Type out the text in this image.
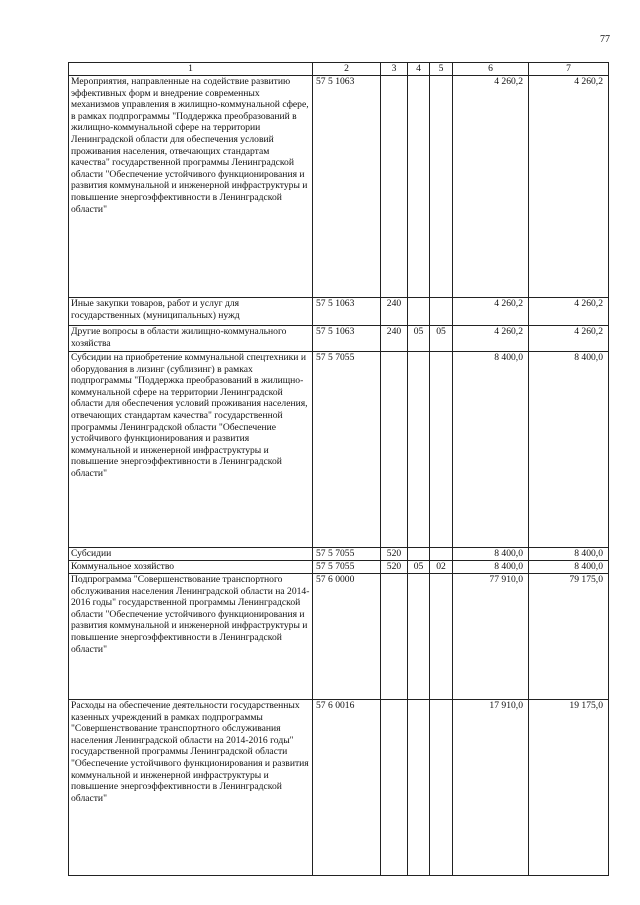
77
1	2	3	4	5	6	7
Мероприятия, направленные на содействие развитию эффективных форм и внедрение современных механизмов управления в жилищно-коммунальной сфере, в рамках подпрограммы "Поддержка преобразований в жилищно-коммунальной сфере на территории Ленинградской области для обеспечения условий проживания населения, отвечающих стандартам качества" государственной программы Ленинградской области "Обеспечение устойчивого функционирования и развития коммунальной и инженерной инфраструктуры и повышение энергоэффективности в Ленинградской области"	57 5 1063				4 260,2	4 260,2
Иные закупки товаров, работ и услуг для государственных (муниципальных) нужд	57 5 1063	240			4 260,2	4 260,2
Другие вопросы в области жилищно-коммунального хозяйства	57 5 1063	240	05	05	4 260,2	4 260,2
Субсидии на приобретение коммунальной спецтехники и оборудования в лизинг (сублизинг) в рамках подпрограммы "Поддержка преобразований в жилищно-коммунальной сфере на территории Ленинградской области для обеспечения условий проживания населения, отвечающих стандартам качества" государственной программы Ленинградской области "Обеспечение устойчивого функционирования и развития коммунальной и инженерной инфраструктуры и повышение энергоэффективности в Ленинградской области"	57 5 7055				8 400,0	8 400,0
Субсидии	57 5 7055	520			8 400,0	8 400,0
Коммунальное хозяйство	57 5 7055	520	05	02	8 400,0	8 400,0
Подпрограмма "Совершенствование транспортного обслуживания населения Ленинградской области на 2014-2016 годы" государственной программы Ленинградской области "Обеспечение устойчивого функционирования и развития коммунальной и инженерной инфраструктуры и повышение энергоэффективности в Ленинградской области"	57 6 0000				77 910,0	79 175,0
Расходы на обеспечение деятельности государственных казенных учреждений в рамках подпрограммы "Совершенствование транспортного обслуживания населения Ленинградской области на 2014-2016 годы" государственной программы Ленинградской области "Обеспечение устойчивого функционирования и развития коммунальной и инженерной инфраструктуры и повышение энергоэффективности в Ленинградской области"	57 6 0016				17 910,0	19 175,0
